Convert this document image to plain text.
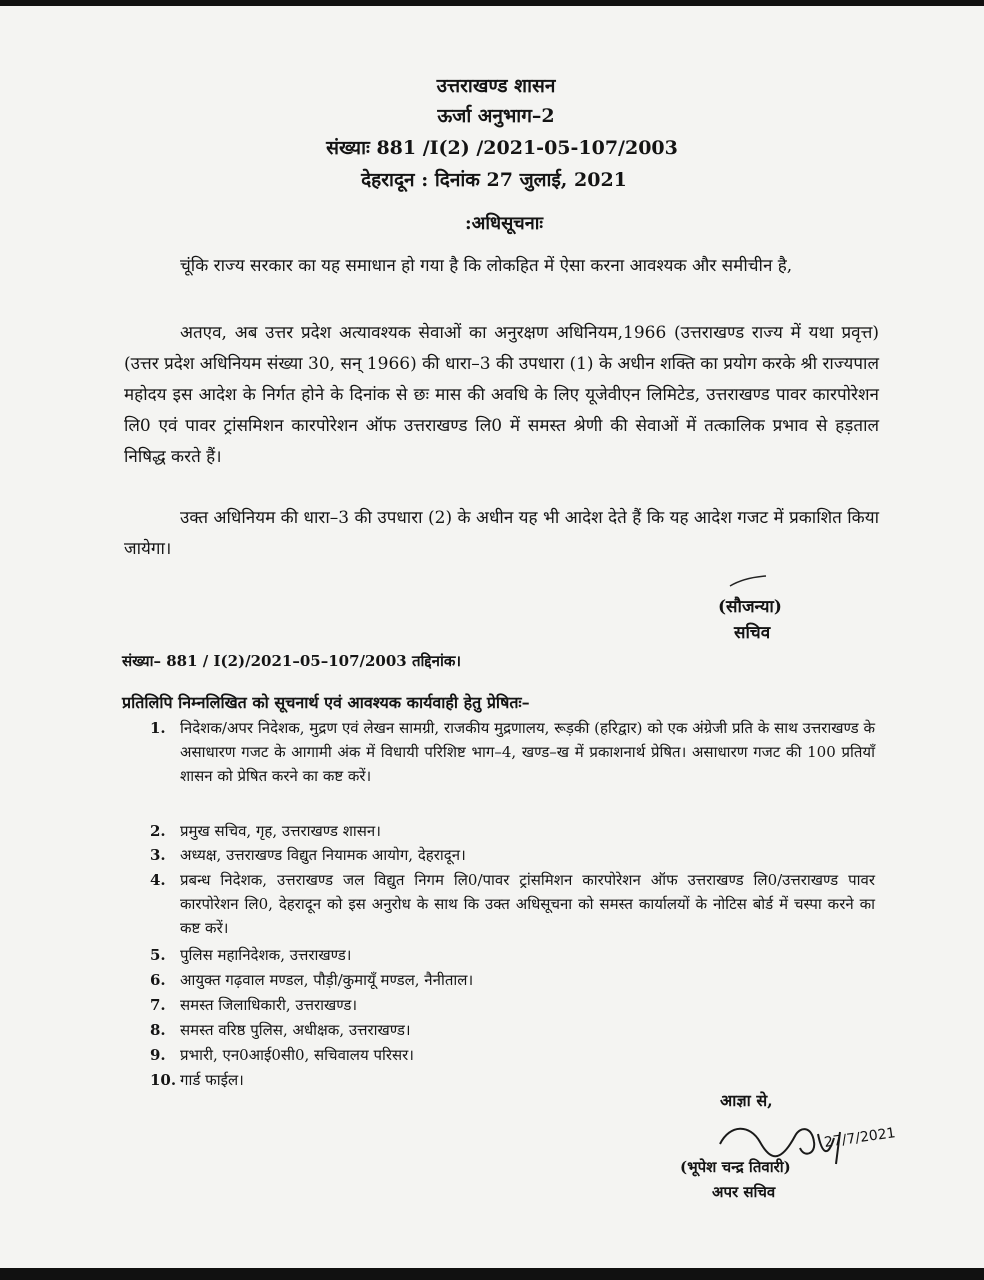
उत्तराखण्ड शासन
ऊर्जा अनुभाग–2
संख्याः 881 /I(2) /2021-05-107/2003
देहरादून : दिनांक 27 जुलाई, 2021
:अधिसूचनाः
चूंकि राज्य सरकार का यह समाधान हो गया है कि लोकहित में ऐसा करना आवश्यक और समीचीन है,
अतएव, अब उत्तर प्रदेश अत्यावश्यक सेवाओं का अनुरक्षण अधिनियम,1966 (उत्तराखण्ड राज्य में यथा प्रवृत्त) (उत्तर प्रदेश अधिनियम संख्या 30, सन् 1966) की धारा–3 की उपधारा (1) के अधीन शक्ति का प्रयोग करके श्री राज्यपाल महोदय इस आदेश के निर्गत होने के दिनांक से छः मास की अवधि के लिए यूजेवीएन लिमिटेड, उत्तराखण्ड पावर कारपोरेशन लि0 एवं पावर ट्रांसमिशन कारपोरेशन ऑफ उत्तराखण्ड लि0 में समस्त श्रेणी की सेवाओं में तत्कालिक प्रभाव से हड़ताल निषिद्ध करते हैं।
उक्त अधिनियम की धारा–3 की उपधारा (2) के अधीन यह भी आदेश देते हैं कि यह आदेश गजट में प्रकाशित किया जायेगा।
(सौजन्या)
सचिव
संख्या– 881 / I(2)/2021–05–107/2003 तद्दिनांक।
प्रतिलिपि निम्नलिखित को सूचनार्थ एवं आवश्यक कार्यवाही हेतु प्रेषितः–
1. निदेशक/अपर निदेशक, मुद्रण एवं लेखन सामग्री, राजकीय मुद्रणालय, रूड़की (हरिद्वार) को एक अंग्रेजी प्रति के साथ उत्तराखण्ड के असाधारण गजट के आगामी अंक में विधायी परिशिष्ट भाग–4, खण्ड–ख में प्रकाशनार्थ प्रेषित। असाधारण गजट की 100 प्रतियाँ शासन को प्रेषित करने का कष्ट करें।
2. प्रमुख सचिव, गृह, उत्तराखण्ड शासन।
3. अध्यक्ष, उत्तराखण्ड विद्युत नियामक आयोग, देहरादून।
4. प्रबन्ध निदेशक, उत्तराखण्ड जल विद्युत निगम लि0/पावर ट्रांसमिशन कारपोरेशन ऑफ उत्तराखण्ड लि0/उत्तराखण्ड पावर कारपोरेशन लि0, देहरादून को इस अनुरोध के साथ कि उक्त अधिसूचना को समस्त कार्यालयों के नोटिस बोर्ड में चस्पा करने का कष्ट करें।
5. पुलिस महानिदेशक, उत्तराखण्ड।
6. आयुक्त गढ़वाल मण्डल, पौड़ी/कुमायूँ मण्डल, नैनीताल।
7. समस्त जिलाधिकारी, उत्तराखण्ड।
8. समस्त वरिष्ठ पुलिस, अधीक्षक, उत्तराखण्ड।
9. प्रभारी, एन0आई0सी0, सचिवालय परिसर।
10. गार्ड फाईल।
आज्ञा से,
27/7/2021
(भूपेश चन्द्र तिवारी)
अपर सचिव
